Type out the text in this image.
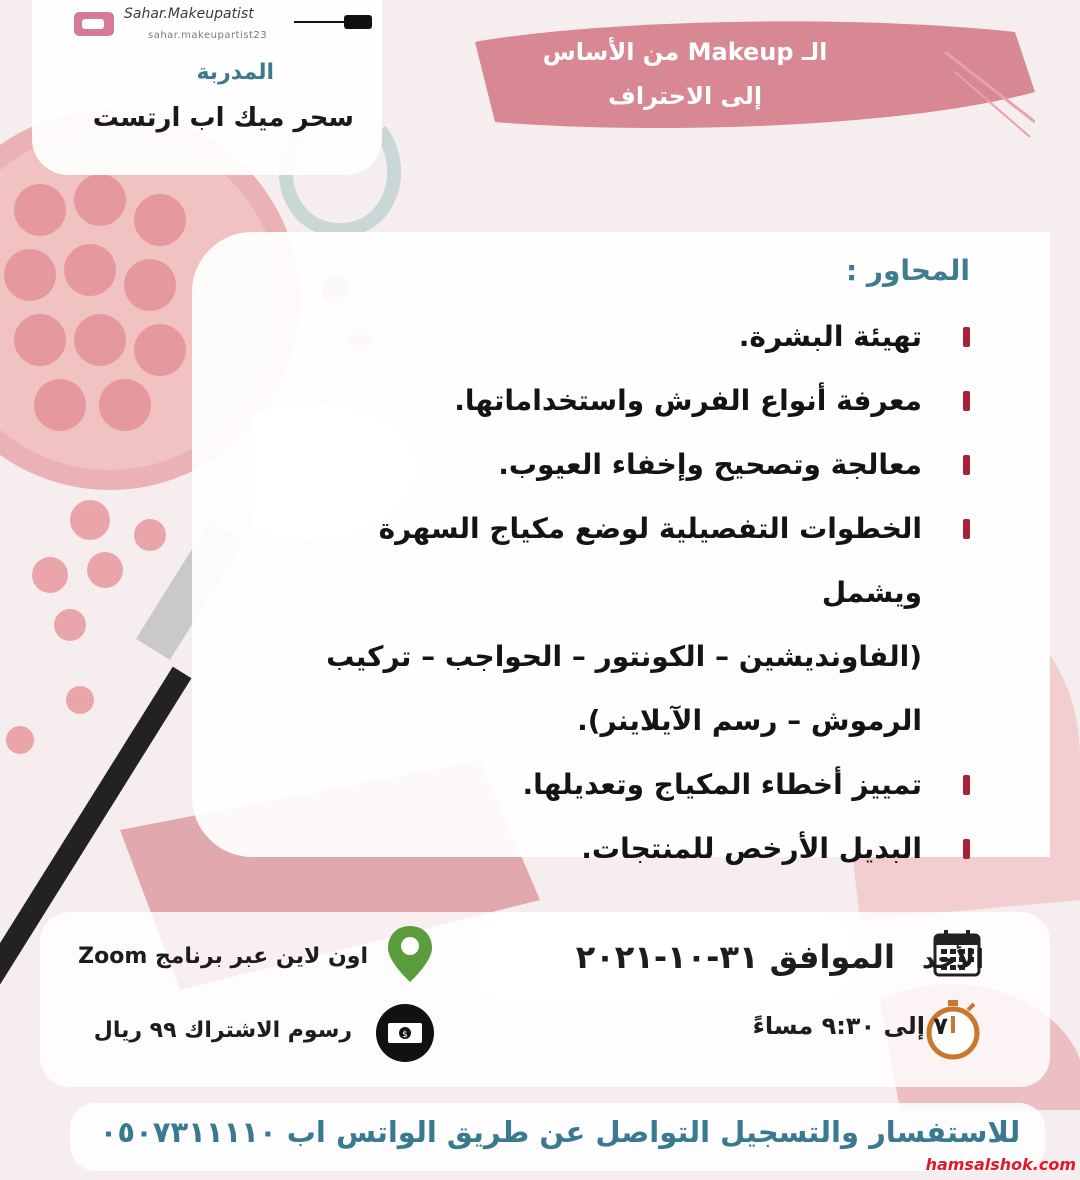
الـ Makeup من الأساس
إلى الاحتراف
Sahar.Makeupatist
sahar.makeupartist23
المدربة
سحر ميك اب ارتست
المحاور :
تهيئة البشرة.
معرفة أنواع الفرش واستخداماتها.
معالجة وتصحيح وإخفاء العيوب.
الخطوات التفصيلية لوضع مكياج السهرة ويشمل
(الفاونديشين – الكونتور – الحواجب – تركيب
الرموش – رسم الآيلاينر).
تمييز أخطاء المكياج وتعديلها.
البديل الأرخص للمنتجات.
الأحد الموافق ٣١-١٠-٢٠٢١
٧ إلى ٩:٣٠ مساءً
اون لاين عبر برنامج Zoom
$
رسوم الاشتراك ٩٩ ريال
للاستفسار والتسجيل التواصل عن طريق الواتس اب ٠٥٠٧٣١١١١٠
hamsalshok.com
